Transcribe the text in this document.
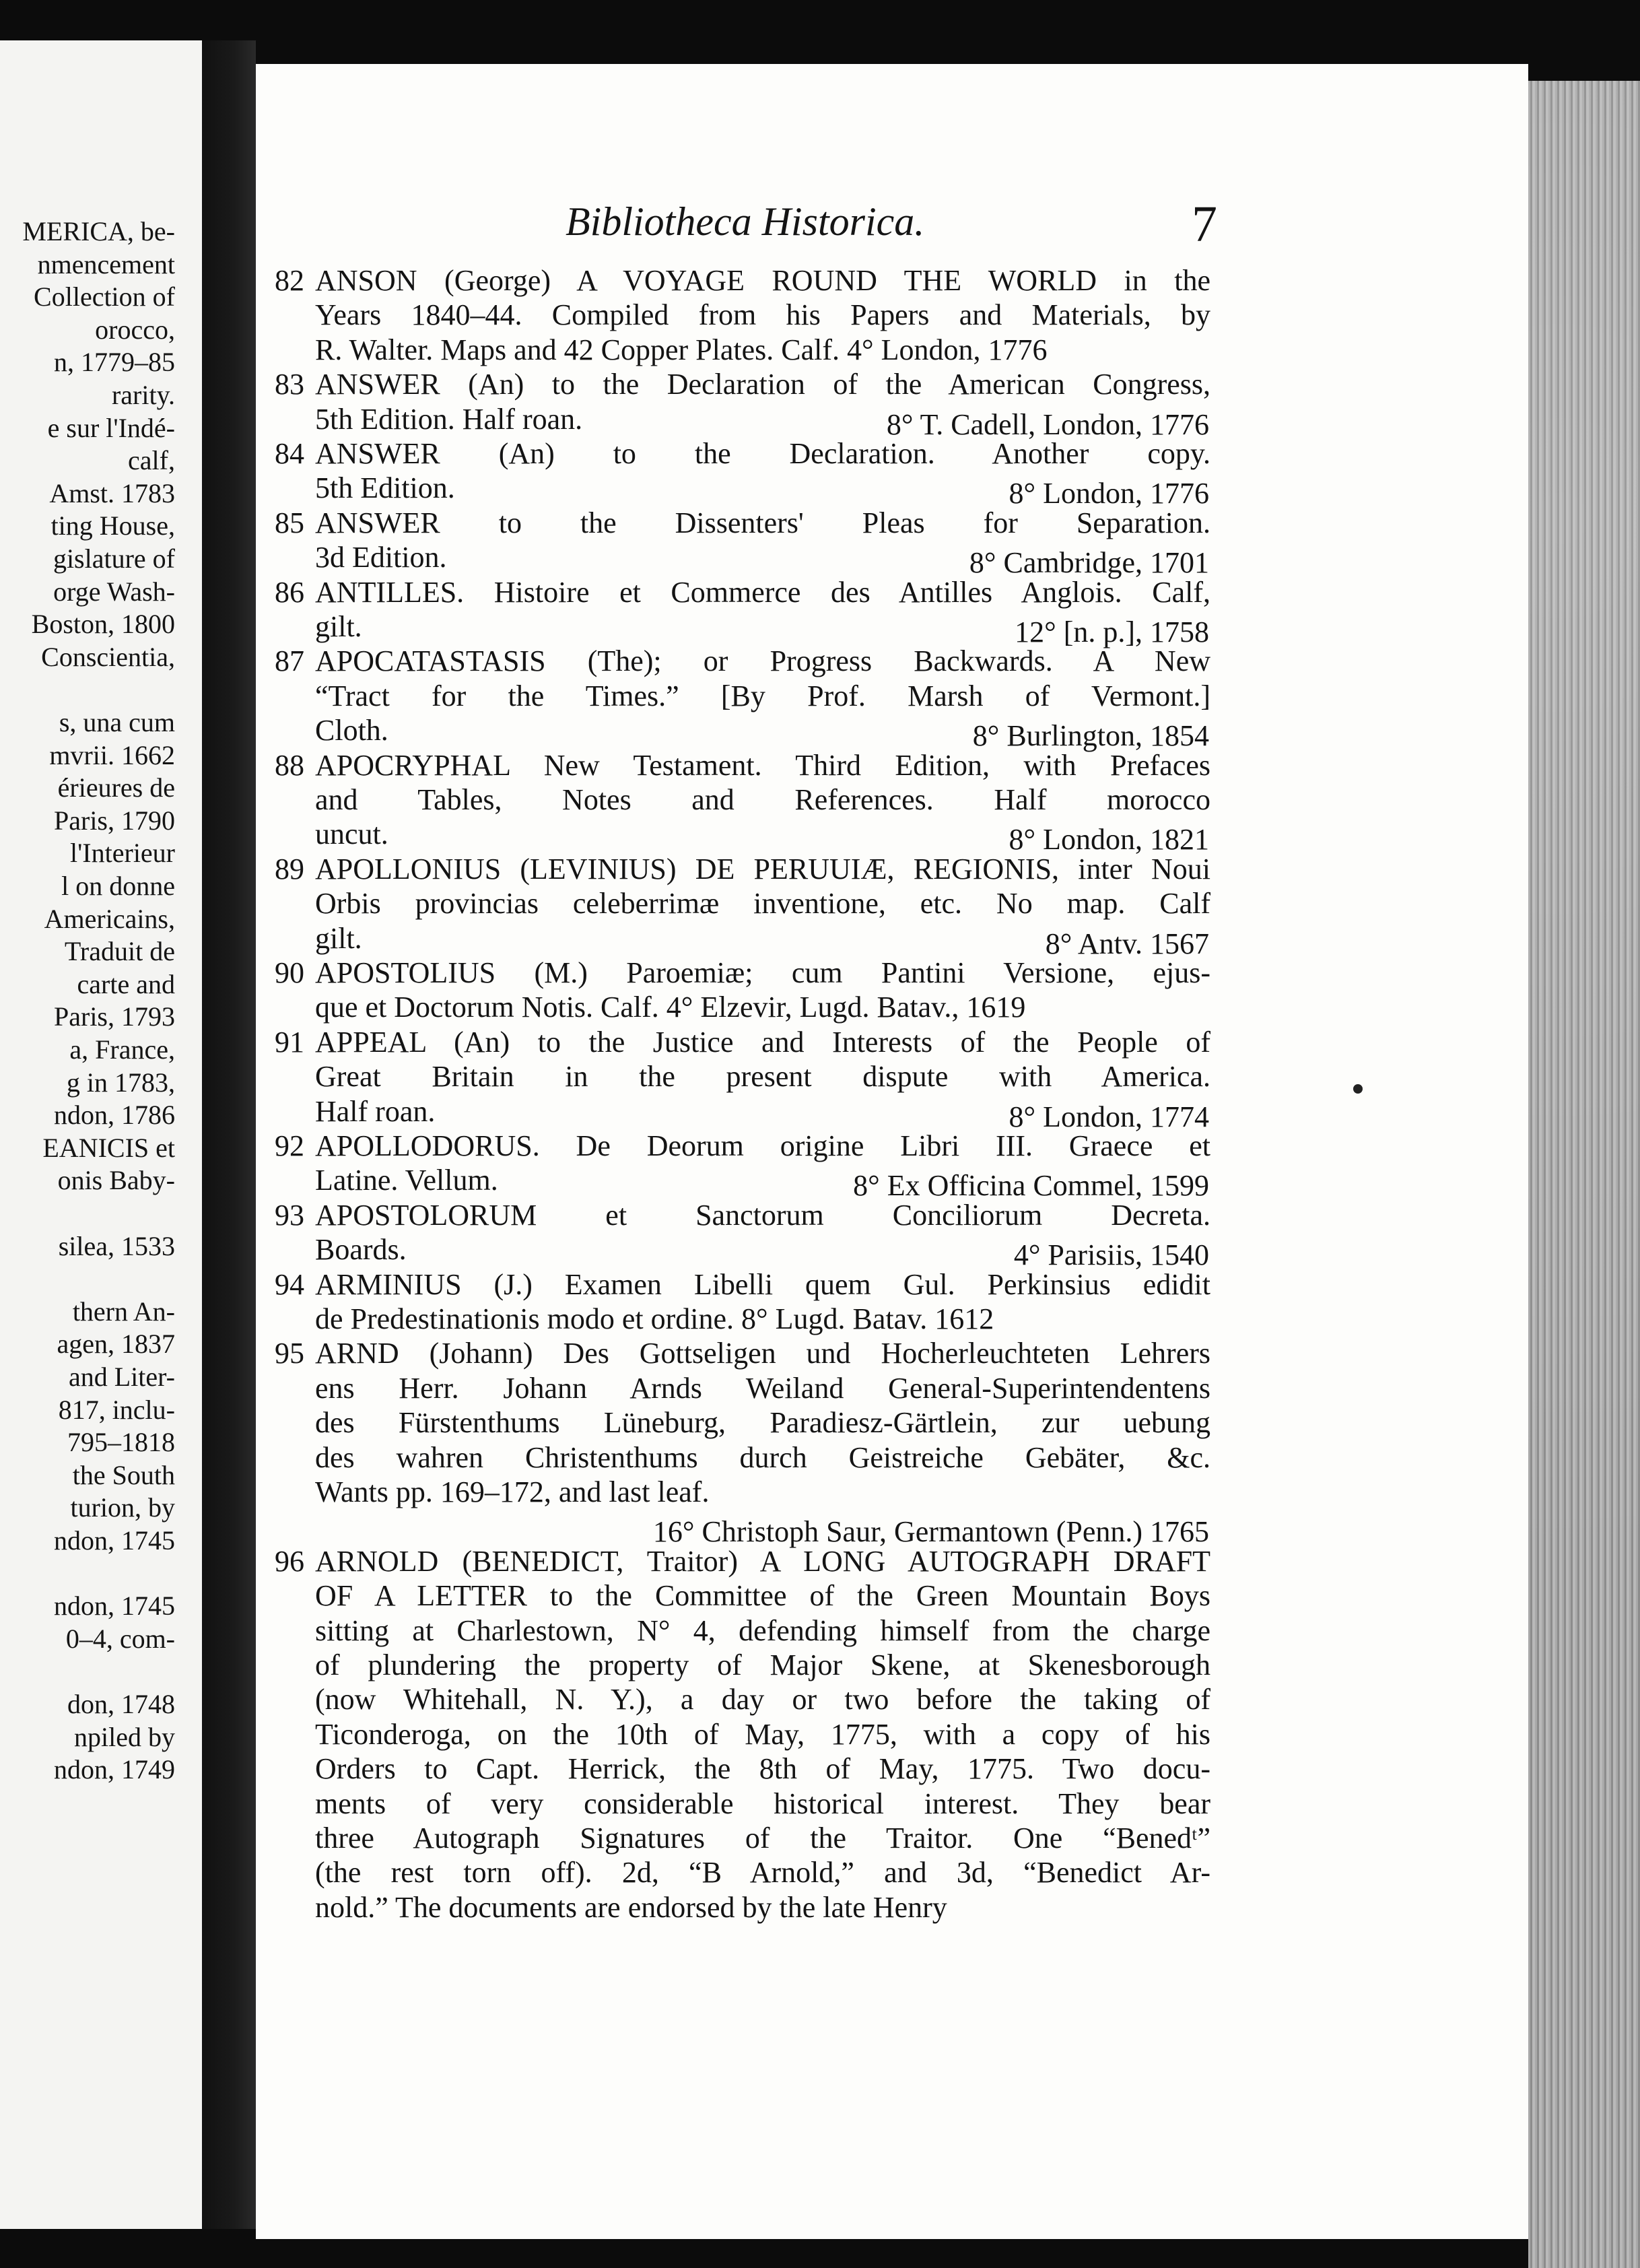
MERICA, be-
nmencement
Collection of
orocco,
n, 1779–85
rarity.
e sur l'Indé-
calf,
Amst. 1783
ting House,
gislature of
orge Wash-
Boston, 1800
Conscientia,
s, una cum
mvrii. 1662
érieures de
Paris, 1790
l'Interieur
l on donne
Americains,
Traduit de
carte and
Paris, 1793
a, France,
g in 1783,
ndon, 1786
EANICIS et
onis Baby-
silea, 1533
thern An-
agen, 1837
and Liter-
817, inclu-
795–1818
the South
turion, by
ndon, 1745
ndon, 1745
0–4, com-
don, 1748
npiled by
ndon, 1749
Bibliotheca Historica.	7
82 ANSON (George) A VOYAGE ROUND THE WORLD in the
Years 1840–44. Compiled from his Papers and Materials, by
R. Walter. Maps and 42 Copper Plates. Calf. 4° London, 1776
83 ANSWER (An) to the Declaration of the American Congress,
5th Edition. Half roan.	8° T. Cadell, London, 1776
84 ANSWER (An) to the Declaration. Another copy.
5th Edition.	8° London, 1776
85 ANSWER to the Dissenters' Pleas for Separation.
3d Edition.	8° Cambridge, 1701
86 ANTILLES. Histoire et Commerce des Antilles Anglois. Calf,
gilt.	12° [n. p.], 1758
87 APOCATASTASIS (The); or Progress Backwards. A New
“Tract for the Times.” [By Prof. Marsh of Vermont.]
Cloth.	8° Burlington, 1854
88 APOCRYPHAL New Testament. Third Edition, with Prefaces
and Tables, Notes and References. Half morocco
uncut.	8° London, 1821
89 APOLLONIUS (LEVINIUS) DE PERUUIÆ, REGIONIS, inter Noui
Orbis provincias celeberrimæ inventione, etc. No map. Calf
gilt.	8° Antv. 1567
90 APOSTOLIUS (M.) Paroemiæ; cum Pantini Versione, ejus-
que et Doctorum Notis. Calf. 4° Elzevir, Lugd. Batav., 1619
91 APPEAL (An) to the Justice and Interests of the People of
Great Britain in the present dispute with America.
Half roan.	8° London, 1774
92 APOLLODORUS. De Deorum origine Libri III. Graece et
Latine. Vellum.	8° Ex Officina Commel, 1599
93 APOSTOLORUM et Sanctorum Conciliorum Decreta.
Boards.	4° Parisiis, 1540
94 ARMINIUS (J.) Examen Libelli quem Gul. Perkinsius edidit
de Predestinationis modo et ordine. 8° Lugd. Batav. 1612
95 ARND (Johann) Des Gottseligen und Hocherleuchteten Lehrers
ens Herr. Johann Arnds Weiland General-Superintendentens
des Fürstenthums Lüneburg, Paradiesz-Gärtlein, zur uebung
des wahren Christenthums durch Geistreiche Gebäter, &c.
Wants pp. 169–172, and last leaf.
16° Christoph Saur, Germantown (Penn.) 1765
96 ARNOLD (BENEDICT, Traitor) A LONG AUTOGRAPH DRAFT
OF A LETTER to the Committee of the Green Mountain Boys
sitting at Charlestown, N° 4, defending himself from the charge
of plundering the property of Major Skene, at Skenesborough
(now Whitehall, N. Y.), a day or two before the taking of
Ticonderoga, on the 10th of May, 1775, with a copy of his
Orders to Capt. Herrick, the 8th of May, 1775. Two docu-
ments of very considerable historical interest. They bear
three Autograph Signatures of the Traitor. One “Benedᵗ”
(the rest torn off). 2d, “B Arnold,” and 3d, “Benedict Ar-
nold.” The documents are endorsed by the late Henry
